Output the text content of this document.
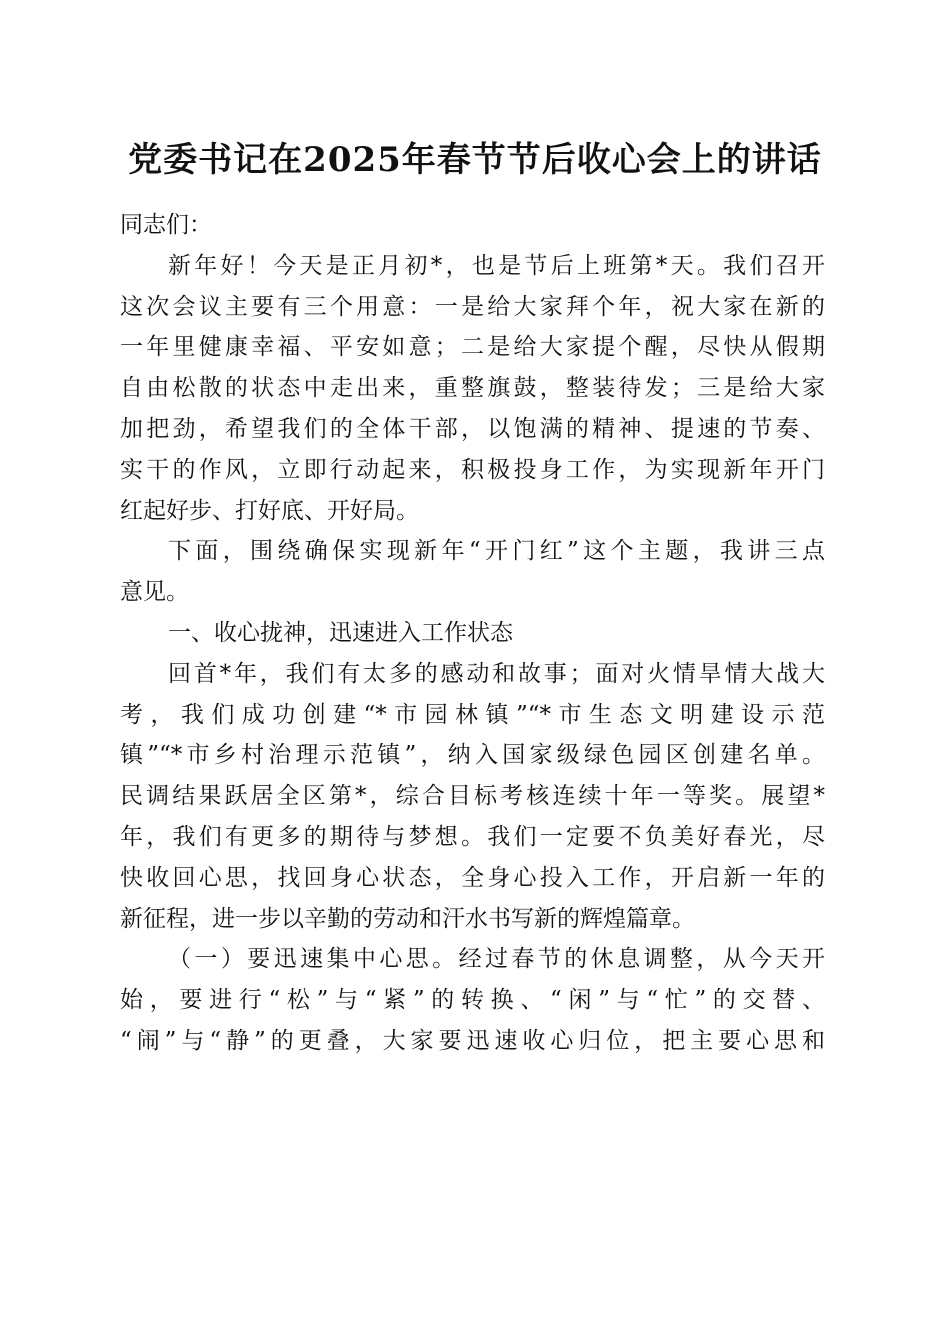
党委书记在2025年春节节后收心会上的讲话
同志们：
新年好！今天是正月初*，也是节后上班第*天。我们召开
这次会议主要有三个用意：一是给大家拜个年，祝大家在新的
一年里健康幸福、平安如意；二是给大家提个醒，尽快从假期
自由松散的状态中走出来，重整旗鼓，整装待发；三是给大家
加把劲，希望我们的全体干部，以饱满的精神、提速的节奏、
实干的作风，立即行动起来，积极投身工作，为实现新年开门
红起好步、打好底、开好局。
下面，围绕确保实现新年“开门红”这个主题，我讲三点
意见。
一、收心拢神，迅速进入工作状态
回首*年，我们有太多的感动和故事；面对火情旱情大战大
考，我们成功创建“*市园林镇”“*市生态文明建设示范
镇”“*市乡村治理示范镇”，纳入国家级绿色园区创建名单。
民调结果跃居全区第*，综合目标考核连续十年一等奖。展望*
年，我们有更多的期待与梦想。我们一定要不负美好春光，尽
快收回心思，找回身心状态，全身心投入工作，开启新一年的
新征程，进一步以辛勤的劳动和汗水书写新的辉煌篇章。
（一）要迅速集中心思。经过春节的休息调整，从今天开
始，要进行“松”与“紧”的转换、“闲”与“忙”的交替、
“闹”与“静”的更叠，大家要迅速收心归位，把主要心思和
